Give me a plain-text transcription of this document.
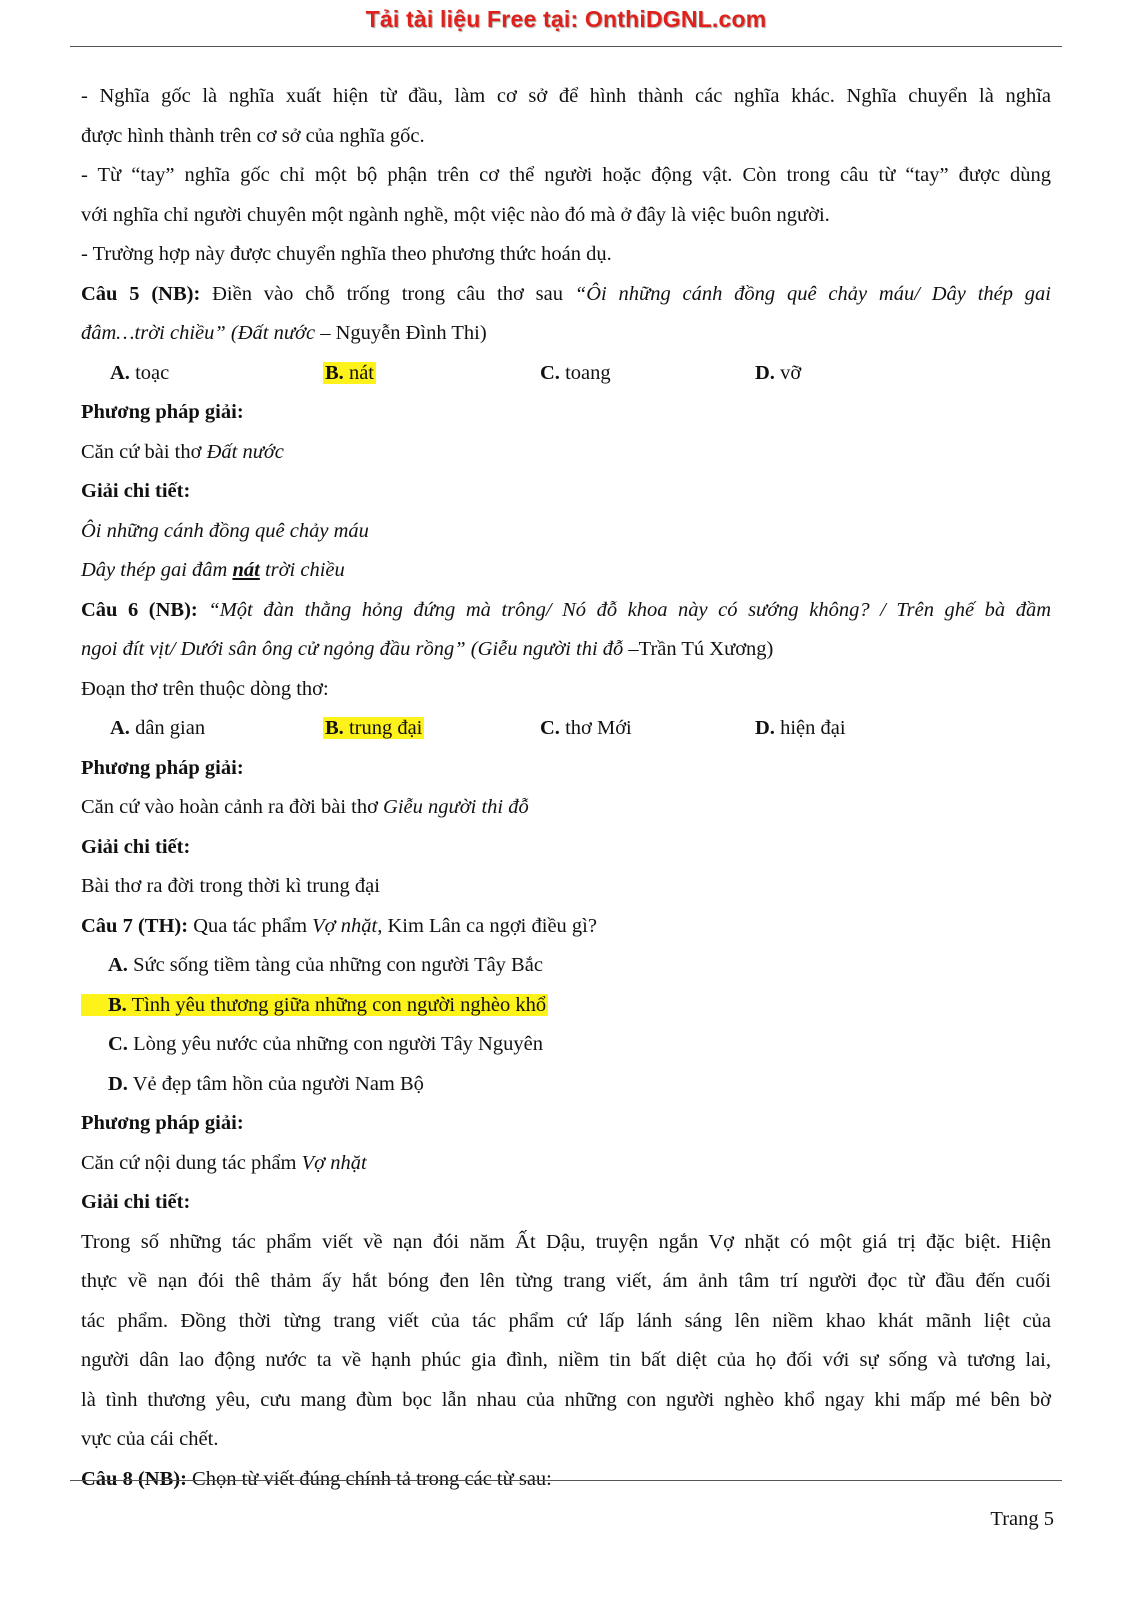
Tải tài liệu Free tại: OnthiDGNL.com
- Nghĩa gốc là nghĩa xuất hiện từ đầu, làm cơ sở để hình thành các nghĩa khác. Nghĩa chuyển là nghĩa
được hình thành trên cơ sở của nghĩa gốc.
- Từ “tay” nghĩa gốc chỉ một bộ phận trên cơ thể người hoặc động vật. Còn trong câu từ “tay” được dùng
với nghĩa chỉ người chuyên một ngành nghề, một việc nào đó mà ở đây là việc buôn người.
- Trường hợp này được chuyển nghĩa theo phương thức hoán dụ.
Câu 5 (NB): Điền vào chỗ trống trong câu thơ sau “Ôi những cánh đồng quê chảy máu/ Dây thép gai
đâm…trời chiều” (Đất nước – Nguyễn Đình Thi)
A. toạc	B. nát	C. toang	D. vỡ
Phương pháp giải:
Căn cứ bài thơ Đất nước
Giải chi tiết:
Ôi những cánh đồng quê chảy máu
Dây thép gai đâm nát trời chiều
Câu 6 (NB): “Một đàn thằng hỏng đứng mà trông/ Nó đỗ khoa này có sướng không? / Trên ghế bà đầm
ngoi đít vịt/ Dưới sân ông cử ngỏng đầu rồng” (Giễu người thi đỗ –Trần Tú Xương)
Đoạn thơ trên thuộc dòng thơ:
A. dân gian	B. trung đại	C. thơ Mới	D. hiện đại
Phương pháp giải:
Căn cứ vào hoàn cảnh ra đời bài thơ Giễu người thi đỗ
Giải chi tiết:
Bài thơ ra đời trong thời kì trung đại
Câu 7 (TH): Qua tác phẩm Vợ nhặt, Kim Lân ca ngợi điều gì?
A. Sức sống tiềm tàng của những con người Tây Bắc
B. Tình yêu thương giữa những con người nghèo khổ
C. Lòng yêu nước của những con người Tây Nguyên
D. Vẻ đẹp tâm hồn của người Nam Bộ
Phương pháp giải:
Căn cứ nội dung tác phẩm Vợ nhặt
Giải chi tiết:
Trong số những tác phẩm viết về nạn đói năm Ất Dậu, truyện ngắn Vợ nhặt có một giá trị đặc biệt. Hiện
thực về nạn đói thê thảm ấy hắt bóng đen lên từng trang viết, ám ảnh tâm trí người đọc từ đầu đến cuối
tác phẩm. Đồng thời từng trang viết của tác phẩm cứ lấp lánh sáng lên niềm khao khát mãnh liệt của
người dân lao động nước ta về hạnh phúc gia đình, niềm tin bất diệt của họ đối với sự sống và tương lai,
là tình thương yêu, cưu mang đùm bọc lẫn nhau của những con người nghèo khổ ngay khi mấp mé bên bờ
vực của cái chết.
Câu 8 (NB): Chọn từ viết đúng chính tả trong các từ sau:
Trang 5
